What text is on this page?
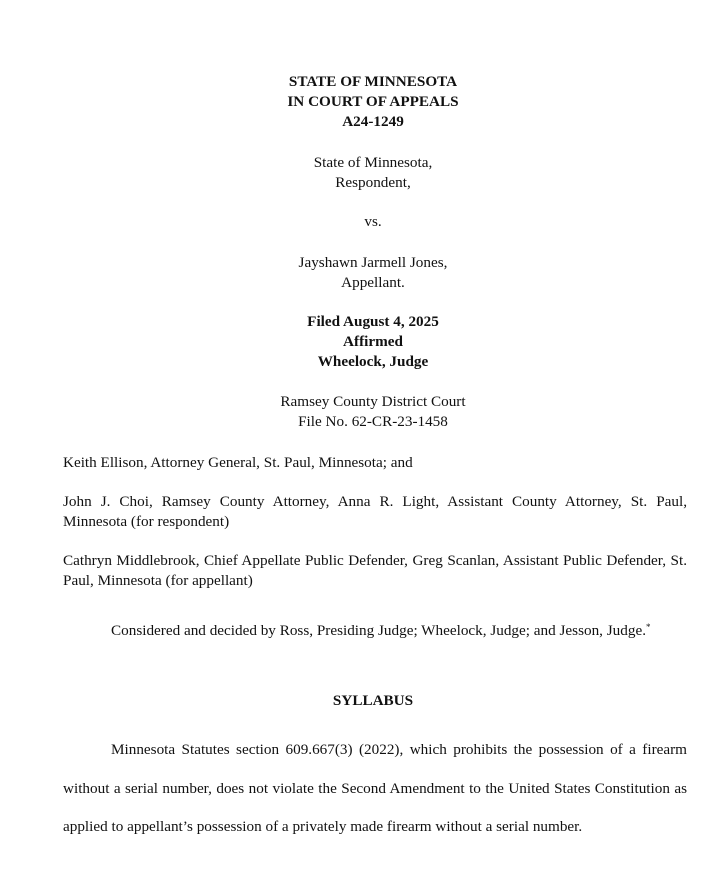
STATE OF MINNESOTA
IN COURT OF APPEALS
A24-1249
State of Minnesota,
Respondent,
vs.
Jayshawn Jarmell Jones,
Appellant.
Filed August 4, 2025
Affirmed
Wheelock, Judge
Ramsey County District Court
File No. 62-CR-23-1458
Keith Ellison, Attorney General, St. Paul, Minnesota; and
John J. Choi, Ramsey County Attorney, Anna R. Light, Assistant County Attorney, St. Paul, Minnesota (for respondent)
Cathryn Middlebrook, Chief Appellate Public Defender, Greg Scanlan, Assistant Public Defender, St. Paul, Minnesota (for appellant)
Considered and decided by Ross, Presiding Judge; Wheelock, Judge; and Jesson, Judge.*
SYLLABUS
Minnesota Statutes section 609.667(3) (2022), which prohibits the possession of a firearm without a serial number, does not violate the Second Amendment to the United States Constitution as applied to appellant’s possession of a privately made firearm without a serial number.
